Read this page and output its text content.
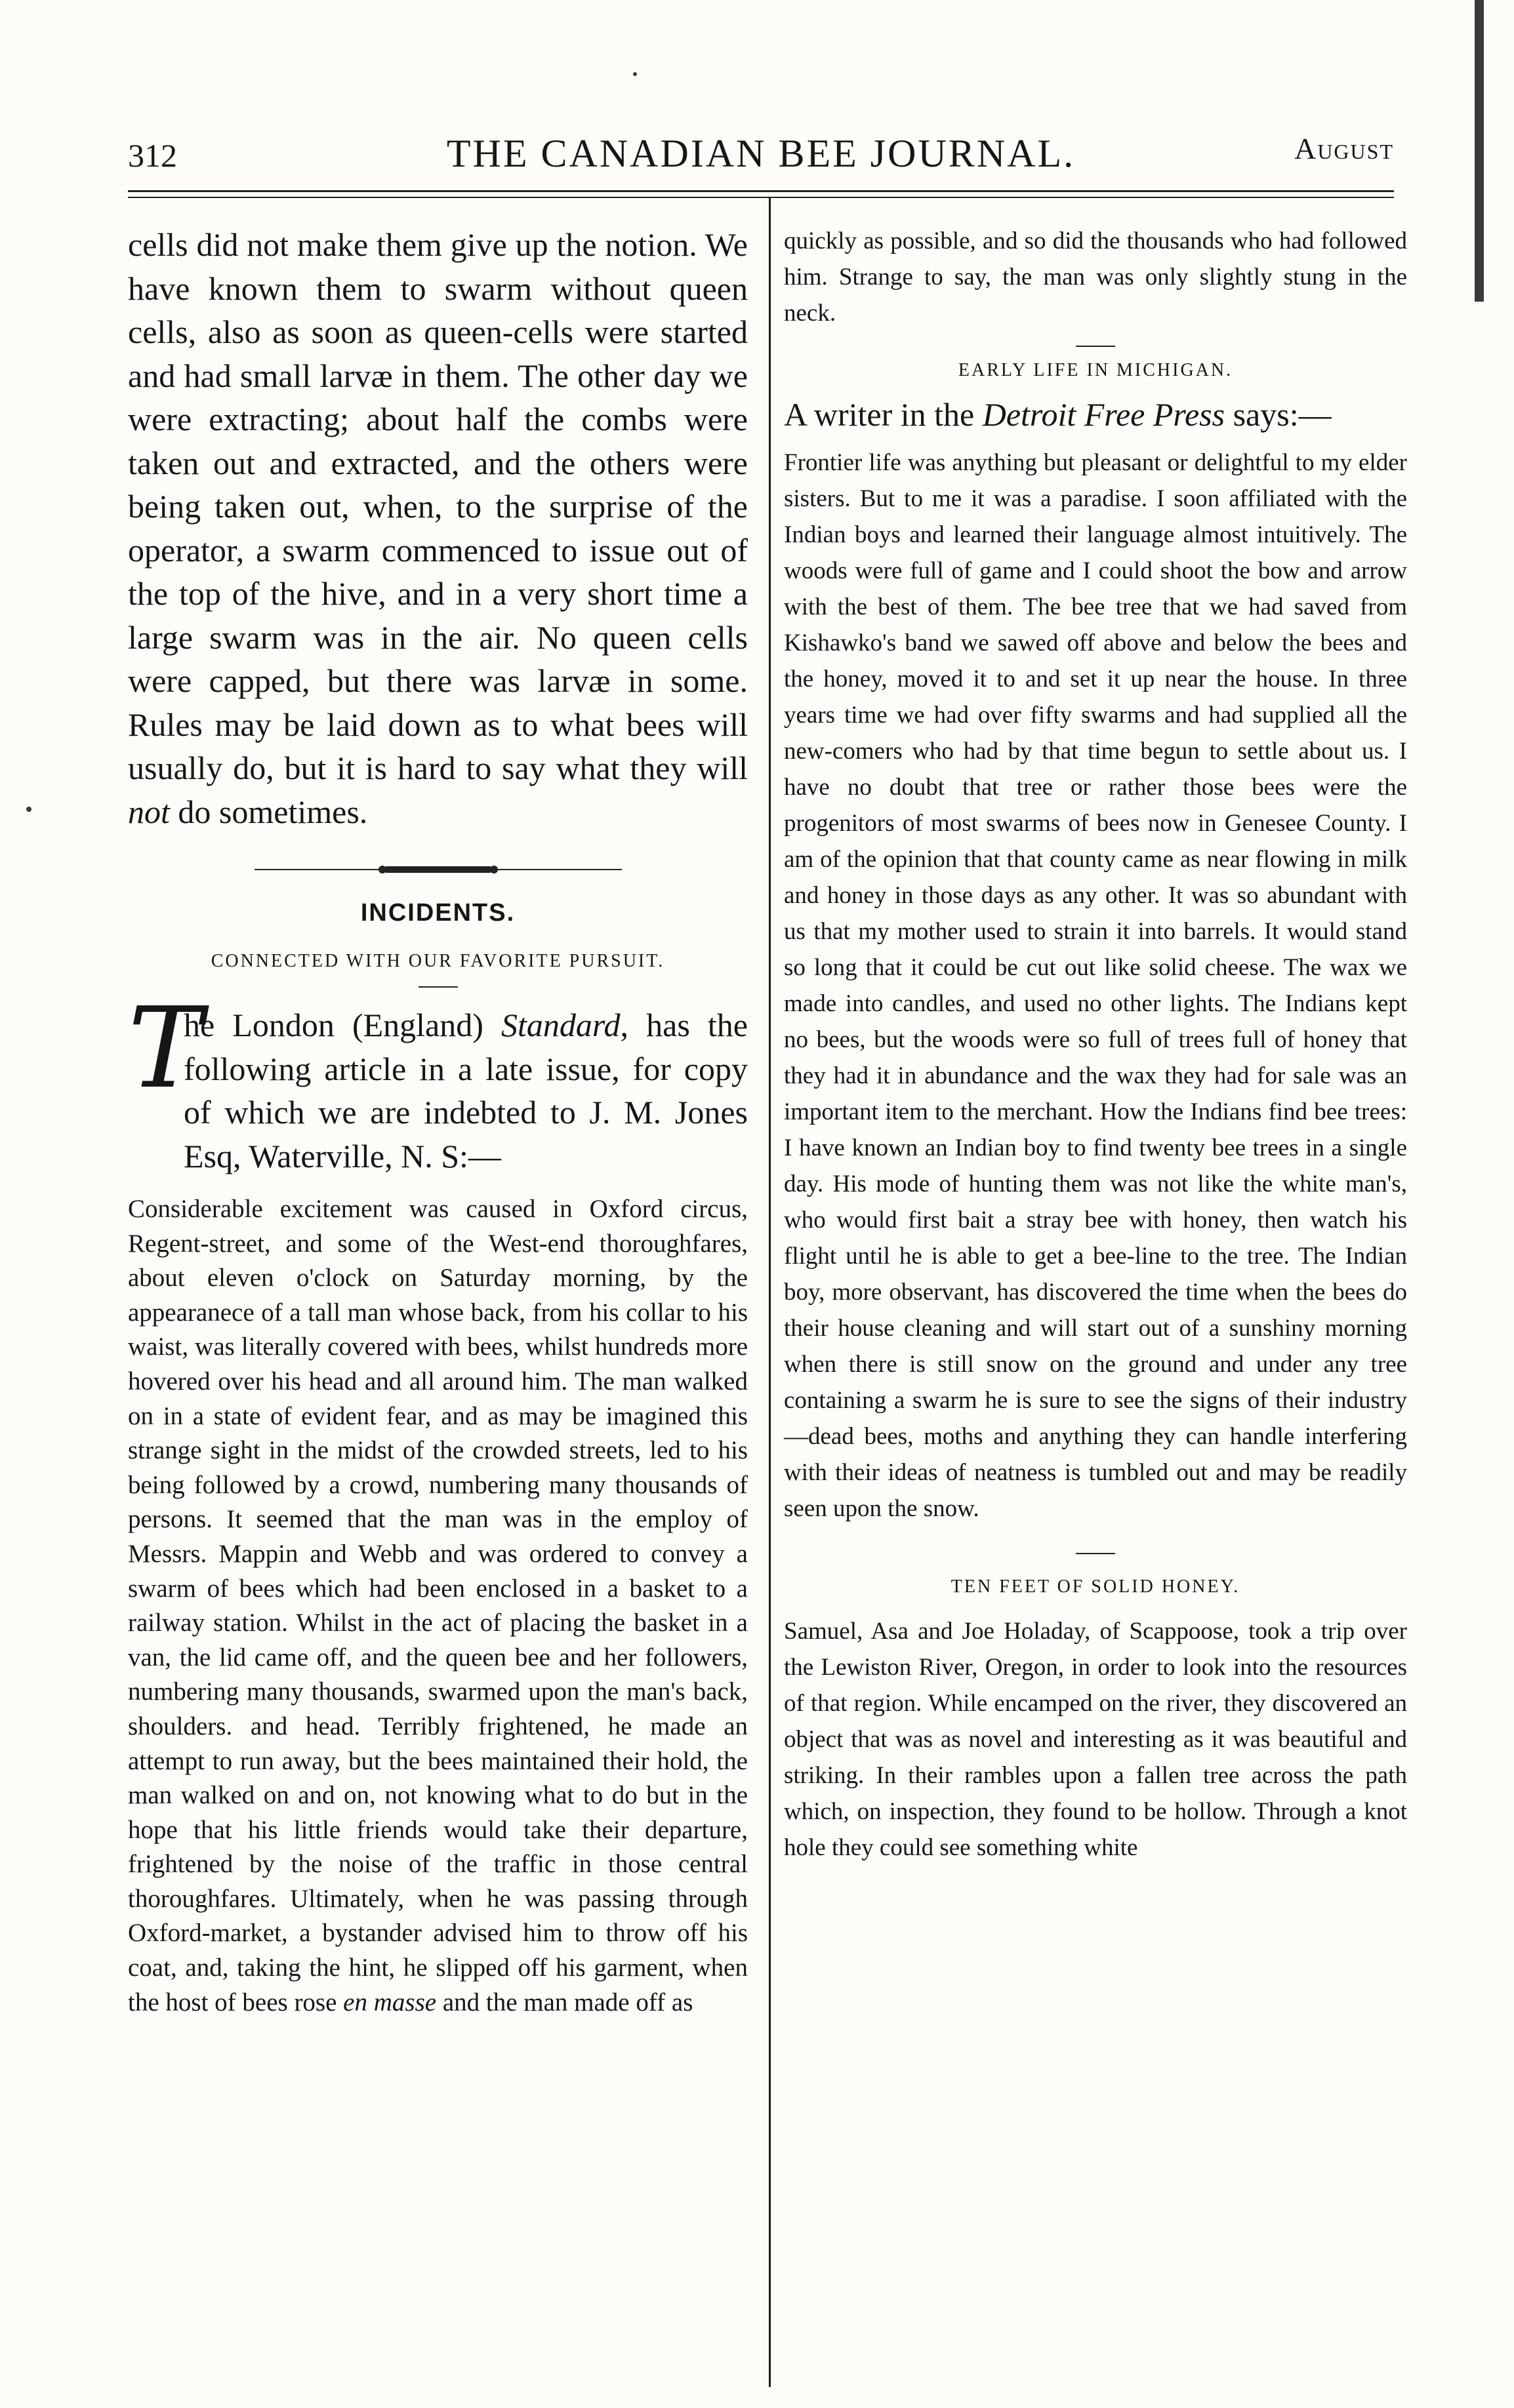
312	THE CANADIAN BEE JOURNAL.	August

cells did not make them give up the notion. We have known them to swarm without queen cells, also as soon as queen-cells were started and had small larvæ in them. The other day we were extracting; about half the combs were taken out and extracted, and the others were being taken out, when, to the surprise of the operator, a swarm commenced to issue out of the top of the hive, and in a very short time a large swarm was in the air. No queen cells were capped, but there was larvæ in some. Rules may be laid down as to what bees will usually do, but it is hard to say what they will not do sometimes.

INCIDENTS.

CONNECTED WITH OUR FAVORITE PURSUIT.

T
he London (England) Standard, has the following article in a late issue, for copy of which we are indebted to J. M. Jones Esq, Waterville, N. S:—

Considerable excitement was caused in Oxford circus, Regent-street, and some of the West-end thoroughfares, about eleven o'clock on Saturday morning, by the appearanece of a tall man whose back, from his collar to his waist, was literally covered with bees, whilst hundreds more hovered over his head and all around him. The man walked on in a state of evident fear, and as may be imagined this strange sight in the midst of the crowded streets, led to his being followed by a crowd, numbering many thousands of persons. It seemed that the man was in the employ of Messrs. Mappin and Webb and was ordered to convey a swarm of bees which had been enclosed in a basket to a railway station. Whilst in the act of placing the basket in a van, the lid came off, and the queen bee and her followers, numbering many thousands, swarmed upon the man's back, shoulders. and head. Terribly frightened, he made an attempt to run away, but the bees maintained their hold, the man walked on and on, not knowing what to do but in the hope that his little friends would take their departure, frightened by the noise of the traffic in those central thoroughfares. Ultimately, when he was passing through Oxford-market, a bystander advised him to throw off his coat, and, taking the hint, he slipped off his garment, when the host of bees rose en masse and the man made off as

quickly as possible, and so did the thousands who had followed him. Strange to say, the man was only slightly stung in the neck.

EARLY LIFE IN MICHIGAN.

A writer in the Detroit Free Press says:—

Frontier life was anything but pleasant or delightful to my elder sisters. But to me it was a paradise. I soon affiliated with the Indian boys and learned their language almost intuitively. The woods were full of game and I could shoot the bow and arrow with the best of them. The bee tree that we had saved from Kishawko's band we sawed off above and below the bees and the honey, moved it to and set it up near the house. In three years time we had over fifty swarms and had supplied all the new-comers who had by that time begun to settle about us. I have no doubt that tree or rather those bees were the progenitors of most swarms of bees now in Genesee County. I am of the opinion that that county came as near flowing in milk and honey in those days as any other. It was so abundant with us that my mother used to strain it into barrels. It would stand so long that it could be cut out like solid cheese. The wax we made into candles, and used no other lights. The Indians kept no bees, but the woods were so full of trees full of honey that they had it in abundance and the wax they had for sale was an important item to the merchant. How the Indians find bee trees: I have known an Indian boy to find twenty bee trees in a single day. His mode of hunting them was not like the white man's, who would first bait a stray bee with honey, then watch his flight until he is able to get a bee-line to the tree. The Indian boy, more observant, has discovered the time when the bees do their house cleaning and will start out of a sunshiny morning when there is still snow on the ground and under any tree containing a swarm he is sure to see the signs of their industry—dead bees, moths and anything they can handle interfering with their ideas of neatness is tumbled out and may be readily seen upon the snow.

TEN FEET OF SOLID HONEY.

Samuel, Asa and Joe Holaday, of Scappoose, took a trip over the Lewiston River, Oregon, in order to look into the resources of that region. While encamped on the river, they discovered an object that was as novel and interesting as it was beautiful and striking. In their rambles upon a fallen tree across the path which, on inspection, they found to be hollow. Through a knot hole they could see something white
